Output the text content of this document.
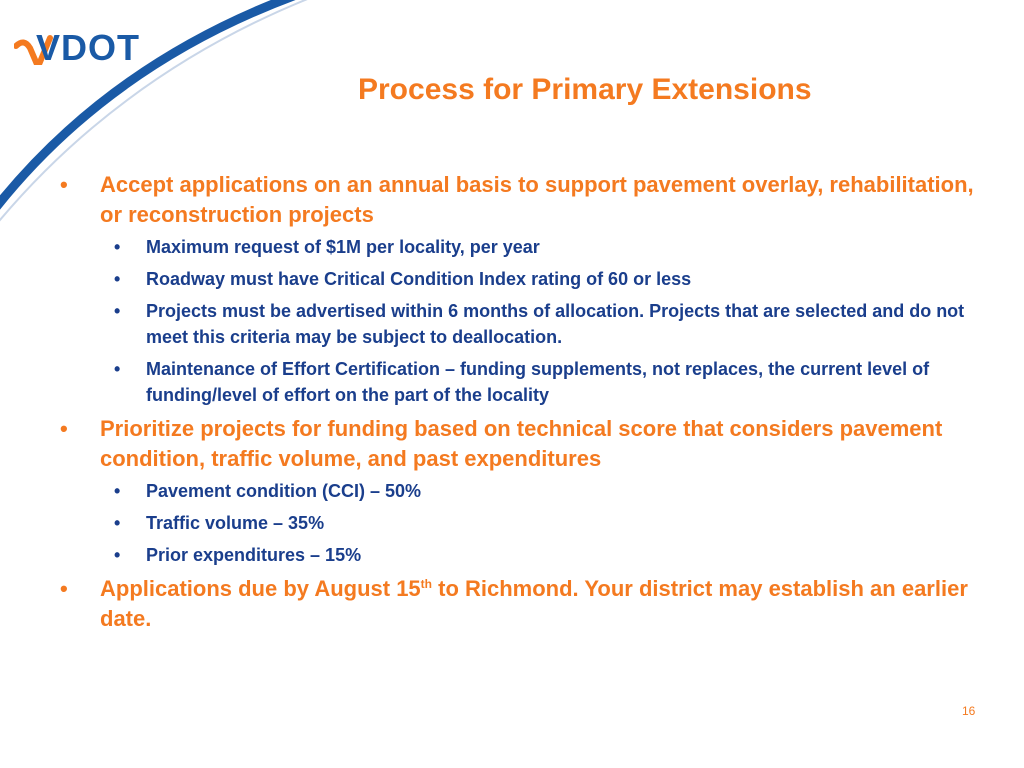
VDOT
Process for Primary Extensions
• Accept applications on an annual basis to support pavement overlay, rehabilitation, or reconstruction projects
• Maximum request of $1M per locality, per year
• Roadway must have Critical Condition Index rating of 60 or less
• Projects must be advertised within 6 months of allocation. Projects that are selected and do not meet this criteria may be subject to deallocation.
• Maintenance of Effort Certification – funding supplements, not replaces, the current level of funding/level of effort on the part of the locality
• Prioritize projects for funding based on technical score that considers pavement condition, traffic volume, and past expenditures
• Pavement condition (CCI) – 50%
• Traffic volume – 35%
• Prior expenditures – 15%
• Applications due by August 15th to Richmond. Your district may establish an earlier date.
16
